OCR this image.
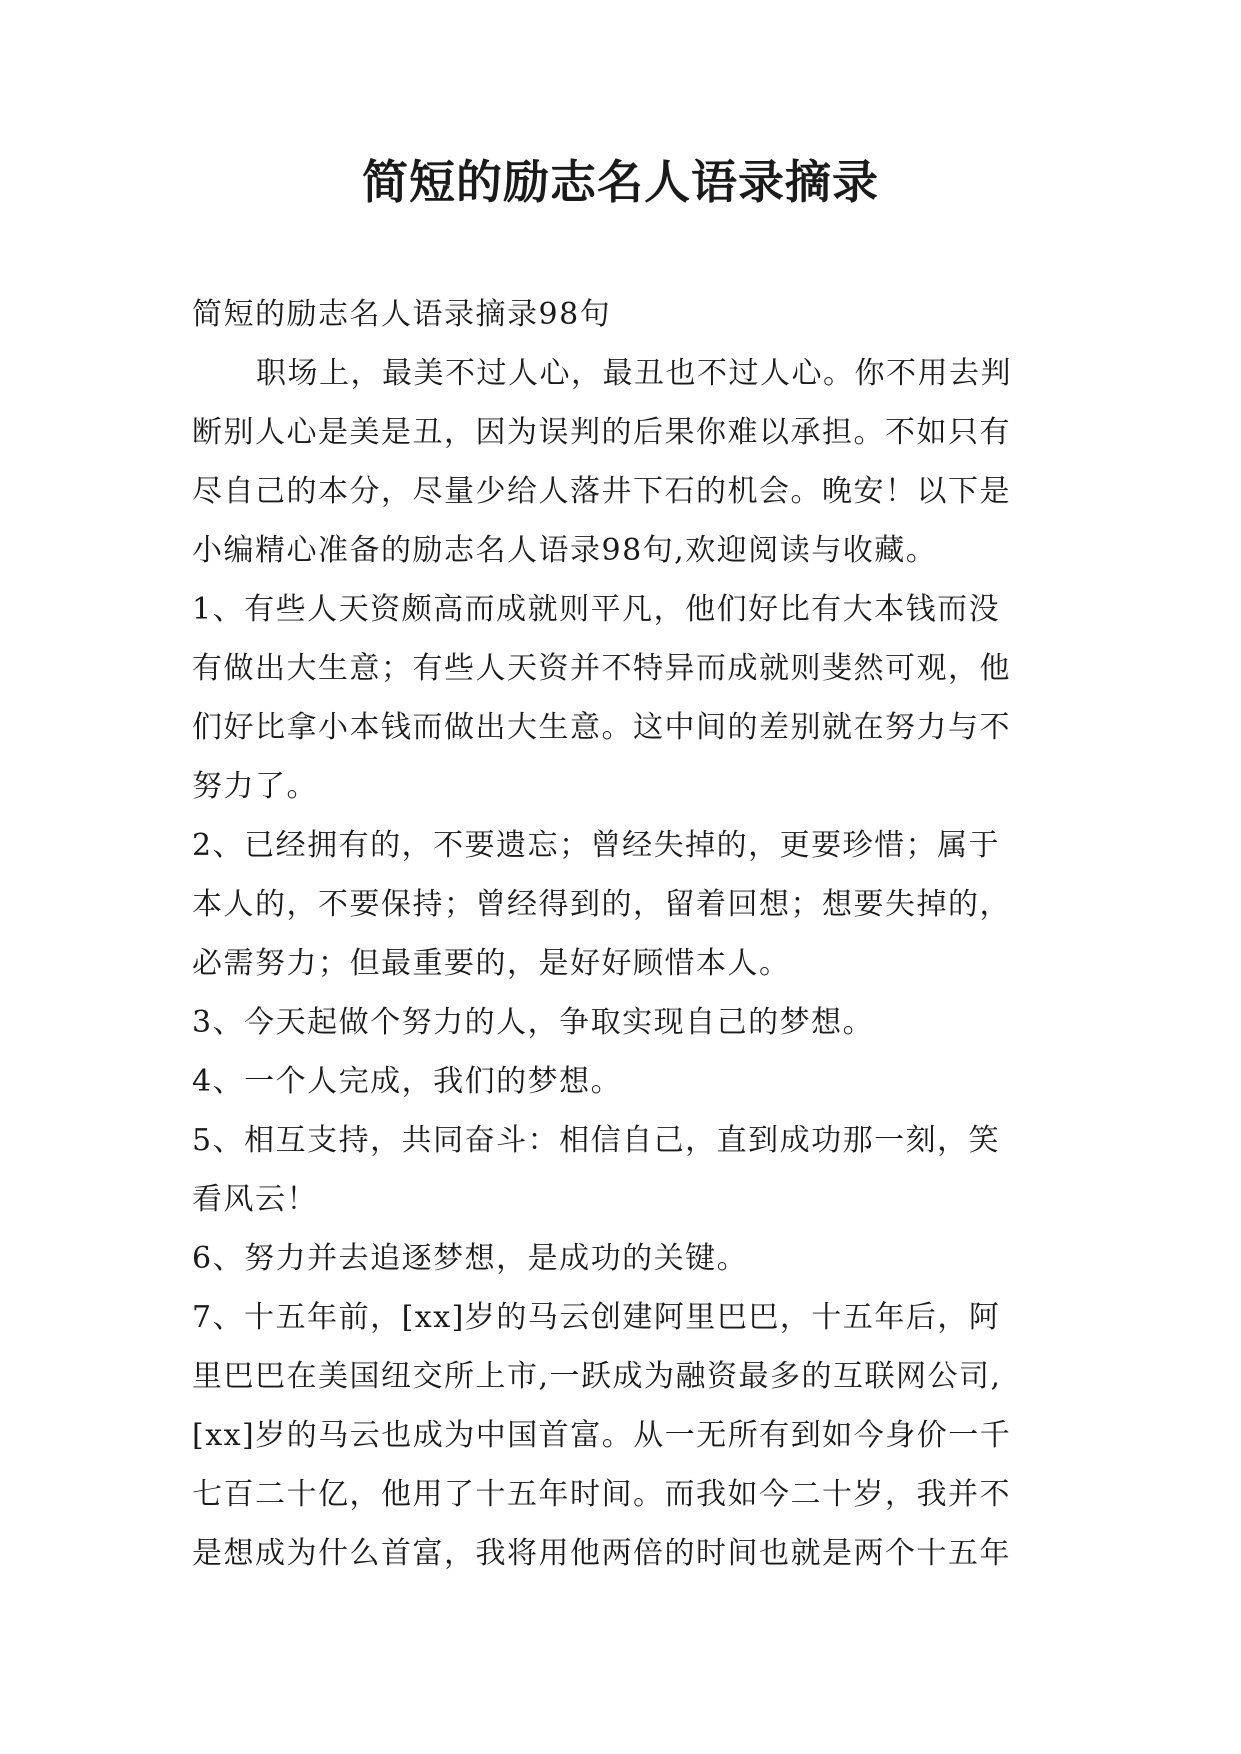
简短的励志名人语录摘录
简短的励志名人语录摘录98句
职场上，最美不过人心，最丑也不过人心。你不用去判
断别人心是美是丑，因为误判的后果你难以承担。不如只有
尽自己的本分，尽量少给人落井下石的机会。晚安！以下是
小编精心准备的励志名人语录98句,欢迎阅读与收藏。
1、有些人天资颇高而成就则平凡，他们好比有大本钱而没
有做出大生意；有些人天资并不特异而成就则斐然可观，他
们好比拿小本钱而做出大生意。这中间的差别就在努力与不
努力了。
2、已经拥有的，不要遗忘；曾经失掉的，更要珍惜；属于
本人的，不要保持；曾经得到的，留着回想；想要失掉的，
必需努力；但最重要的，是好好顾惜本人。
3、今天起做个努力的人，争取实现自己的梦想。
4、一个人完成，我们的梦想。
5、相互支持，共同奋斗：相信自己，直到成功那一刻，笑
看风云！
6、努力并去追逐梦想，是成功的关键。
7、十五年前，[xx]岁的马云创建阿里巴巴，十五年后，阿
里巴巴在美国纽交所上市,一跃成为融资最多的互联网公司,
[xx]岁的马云也成为中国首富。从一无所有到如今身价一千
七百二十亿，他用了十五年时间。而我如今二十岁，我并不
是想成为什么首富，我将用他两倍的时间也就是两个十五年
